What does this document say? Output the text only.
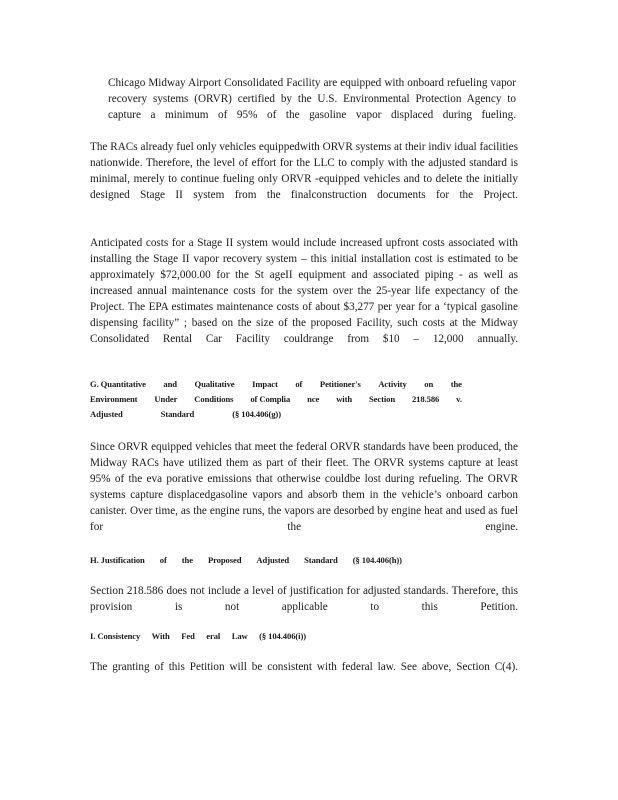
Chicago Midway Airport Consolidated Facility are equipped with onboard refueling vapor recovery systems (ORVR) certified by the U.S. Environmental Protection Agency to capture a minimum of 95% of the gasoline vapor displaced during fueling.

The RACs already fuel only vehicles equippedwith ORVR systems at their indiv idual facilities nationwide. Therefore, the level of effort for the LLC to comply with the adjusted standard is minimal, merely to continue fueling only ORVR -equipped vehicles and to delete the initially designed Stage II system from the finalconstruction documents for the Project.

Anticipated costs for a Stage II system would include increased upfront costs associated with installing the Stage II vapor recovery system – this initial installation cost is estimated to be approximately $72,000.00 for the St ageII equipment and associated piping - as well as increased annual maintenance costs for the system over the 25-year life expectancy of the Project. The EPA estimates maintenance costs of about $3,277 per year for a ‘typical gasoline dispensing facility” ; based on the size of the proposed Facility, such costs at the Midway Consolidated Rental Car Facility couldrange from $10 – 12,000 annually.

G. Quantitative and Qualitative Impact of Petitioner's Activity on the
Environment Under Conditions of Complia nce with Section 218.586 v.
Adjusted	Standard	(§ 104.406(g))

Since ORVR equipped vehicles that meet the federal ORVR standards have been produced, the Midway RACs have utilized them as part of their fleet. The ORVR systems capture at least 95% of the eva porative emissions that otherwise couldbe lost during refueling. The ORVR systems capture displacedgasoline vapors and absorb them in the vehicle’s onboard carbon canister. Over time, as the engine runs, the vapors are desorbed by engine heat and used as fuel for the engine.

H. Justification of the Proposed Adjusted Standard (§ 104.406(h))

Section 218.586 does not include a level of justification for adjusted standards. Therefore, this provision is not applicable to this Petition.

I. Consistency With Fed eral Law (§ 104.406(i))

The granting of this Petition will be consistent with federal law. See above, Section C(4).
